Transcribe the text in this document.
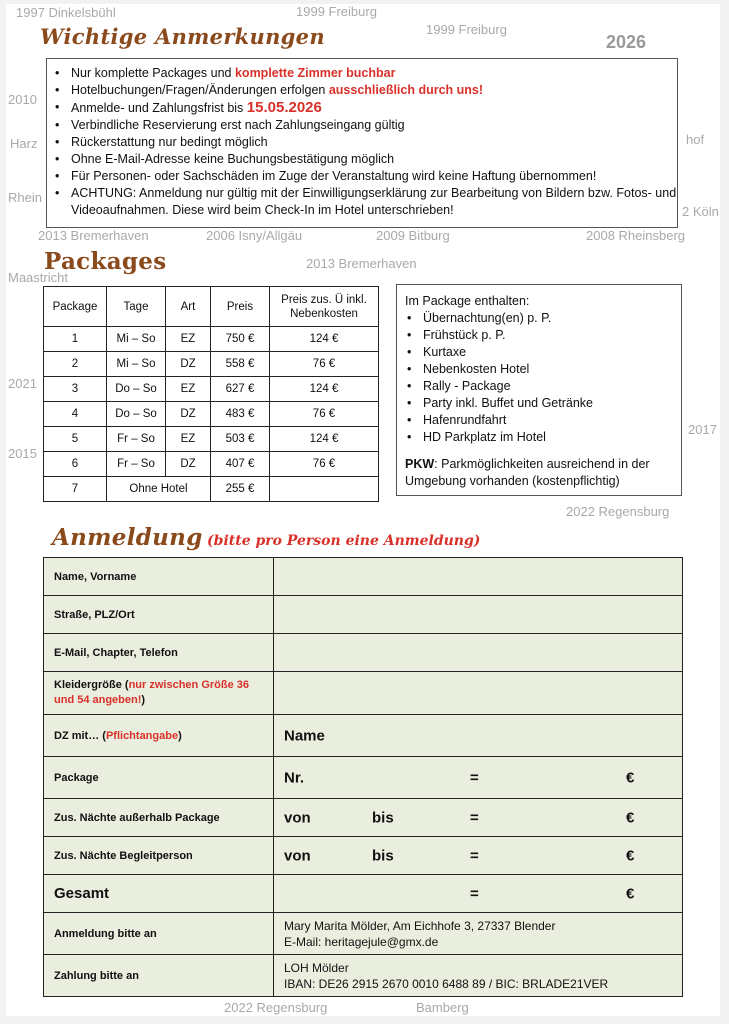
1999 Freiburg
1997 Dinkelsbühl
1999 Freiburg
2010
2013 Bremerhaven	2006 Isny/Allgäu	2008 Rheinsberg
2009 Bitburg
2013 Bremerhaven
Maastricht
2021
2015
2022 Regensburg
2022 Regensburg
Harz
Rhein
hof
2 Köln
2017
Bamberg
2026
Wichtige Anmerkungen
• Nur komplette Packages und komplette Zimmer buchbar
• Hotelbuchungen/Fragen/Änderungen erfolgen ausschließlich durch uns!
• Anmelde- und Zahlungsfrist bis 15.05.2026
• Verbindliche Reservierung erst nach Zahlungseingang gültig
• Rückerstattung nur bedingt möglich
• Ohne E-Mail-Adresse keine Buchungsbestätigung möglich
• Für Personen- oder Sachschäden im Zuge der Veranstaltung wird keine Haftung übernommen!
• ACHTUNG: Anmeldung nur gültig mit der Einwilligungserklärung zur Bearbeitung von Bildern bzw. Fotos- und Videoaufnahmen. Diese wird beim Check-In im Hotel unterschrieben!
Packages
Package	Tage	Art	Preis	Preis zus. Ü inkl. Nebenkosten
1	Mi – So	EZ	750 €	124 €
2	Mi – So	DZ	558 €	76 €
3	Do – So	EZ	627 €	124 €
4	Do – So	DZ	483 €	76 €
5	Fr – So	EZ	503 €	124 €
6	Fr – So	DZ	407 €	76 €
7	Ohne Hotel		255 €	
Im Package enthalten:
• Übernachtung(en) p. P.
• Frühstück p. P.
• Kurtaxe
• Nebenkosten Hotel
• Rally - Package
• Party inkl. Buffet und Getränke
• Hafenrundfahrt
• HD Parkplatz im Hotel
PKW: Parkmöglichkeiten ausreichend in der Umgebung vorhanden (kostenpflichtig)
Anmeldung (bitte pro Person eine Anmeldung)
Name, Vorname	
Straße, PLZ/Ort	
E-Mail, Chapter, Telefon	
Kleidergröße (nur zwischen Größe 36 und 54 angeben!)	
DZ mit… (Pflichtangabe)	Name

Package	Nr. = €

Zus. Nächte außerhalb Package	von bis = €

Zus. Nächte Begleitperson	von bis = €

Gesamt	= €

Anmeldung bitte an	Mary Marita Mölder, Am Eichhofe 3, 27337 Blender
E-Mail: heritagejule@gmx.de

Zahlung bitte an	LOH Mölder
IBAN: DE26 2915 2670 0010 6488 89 / BIC: BRLADE21VER
